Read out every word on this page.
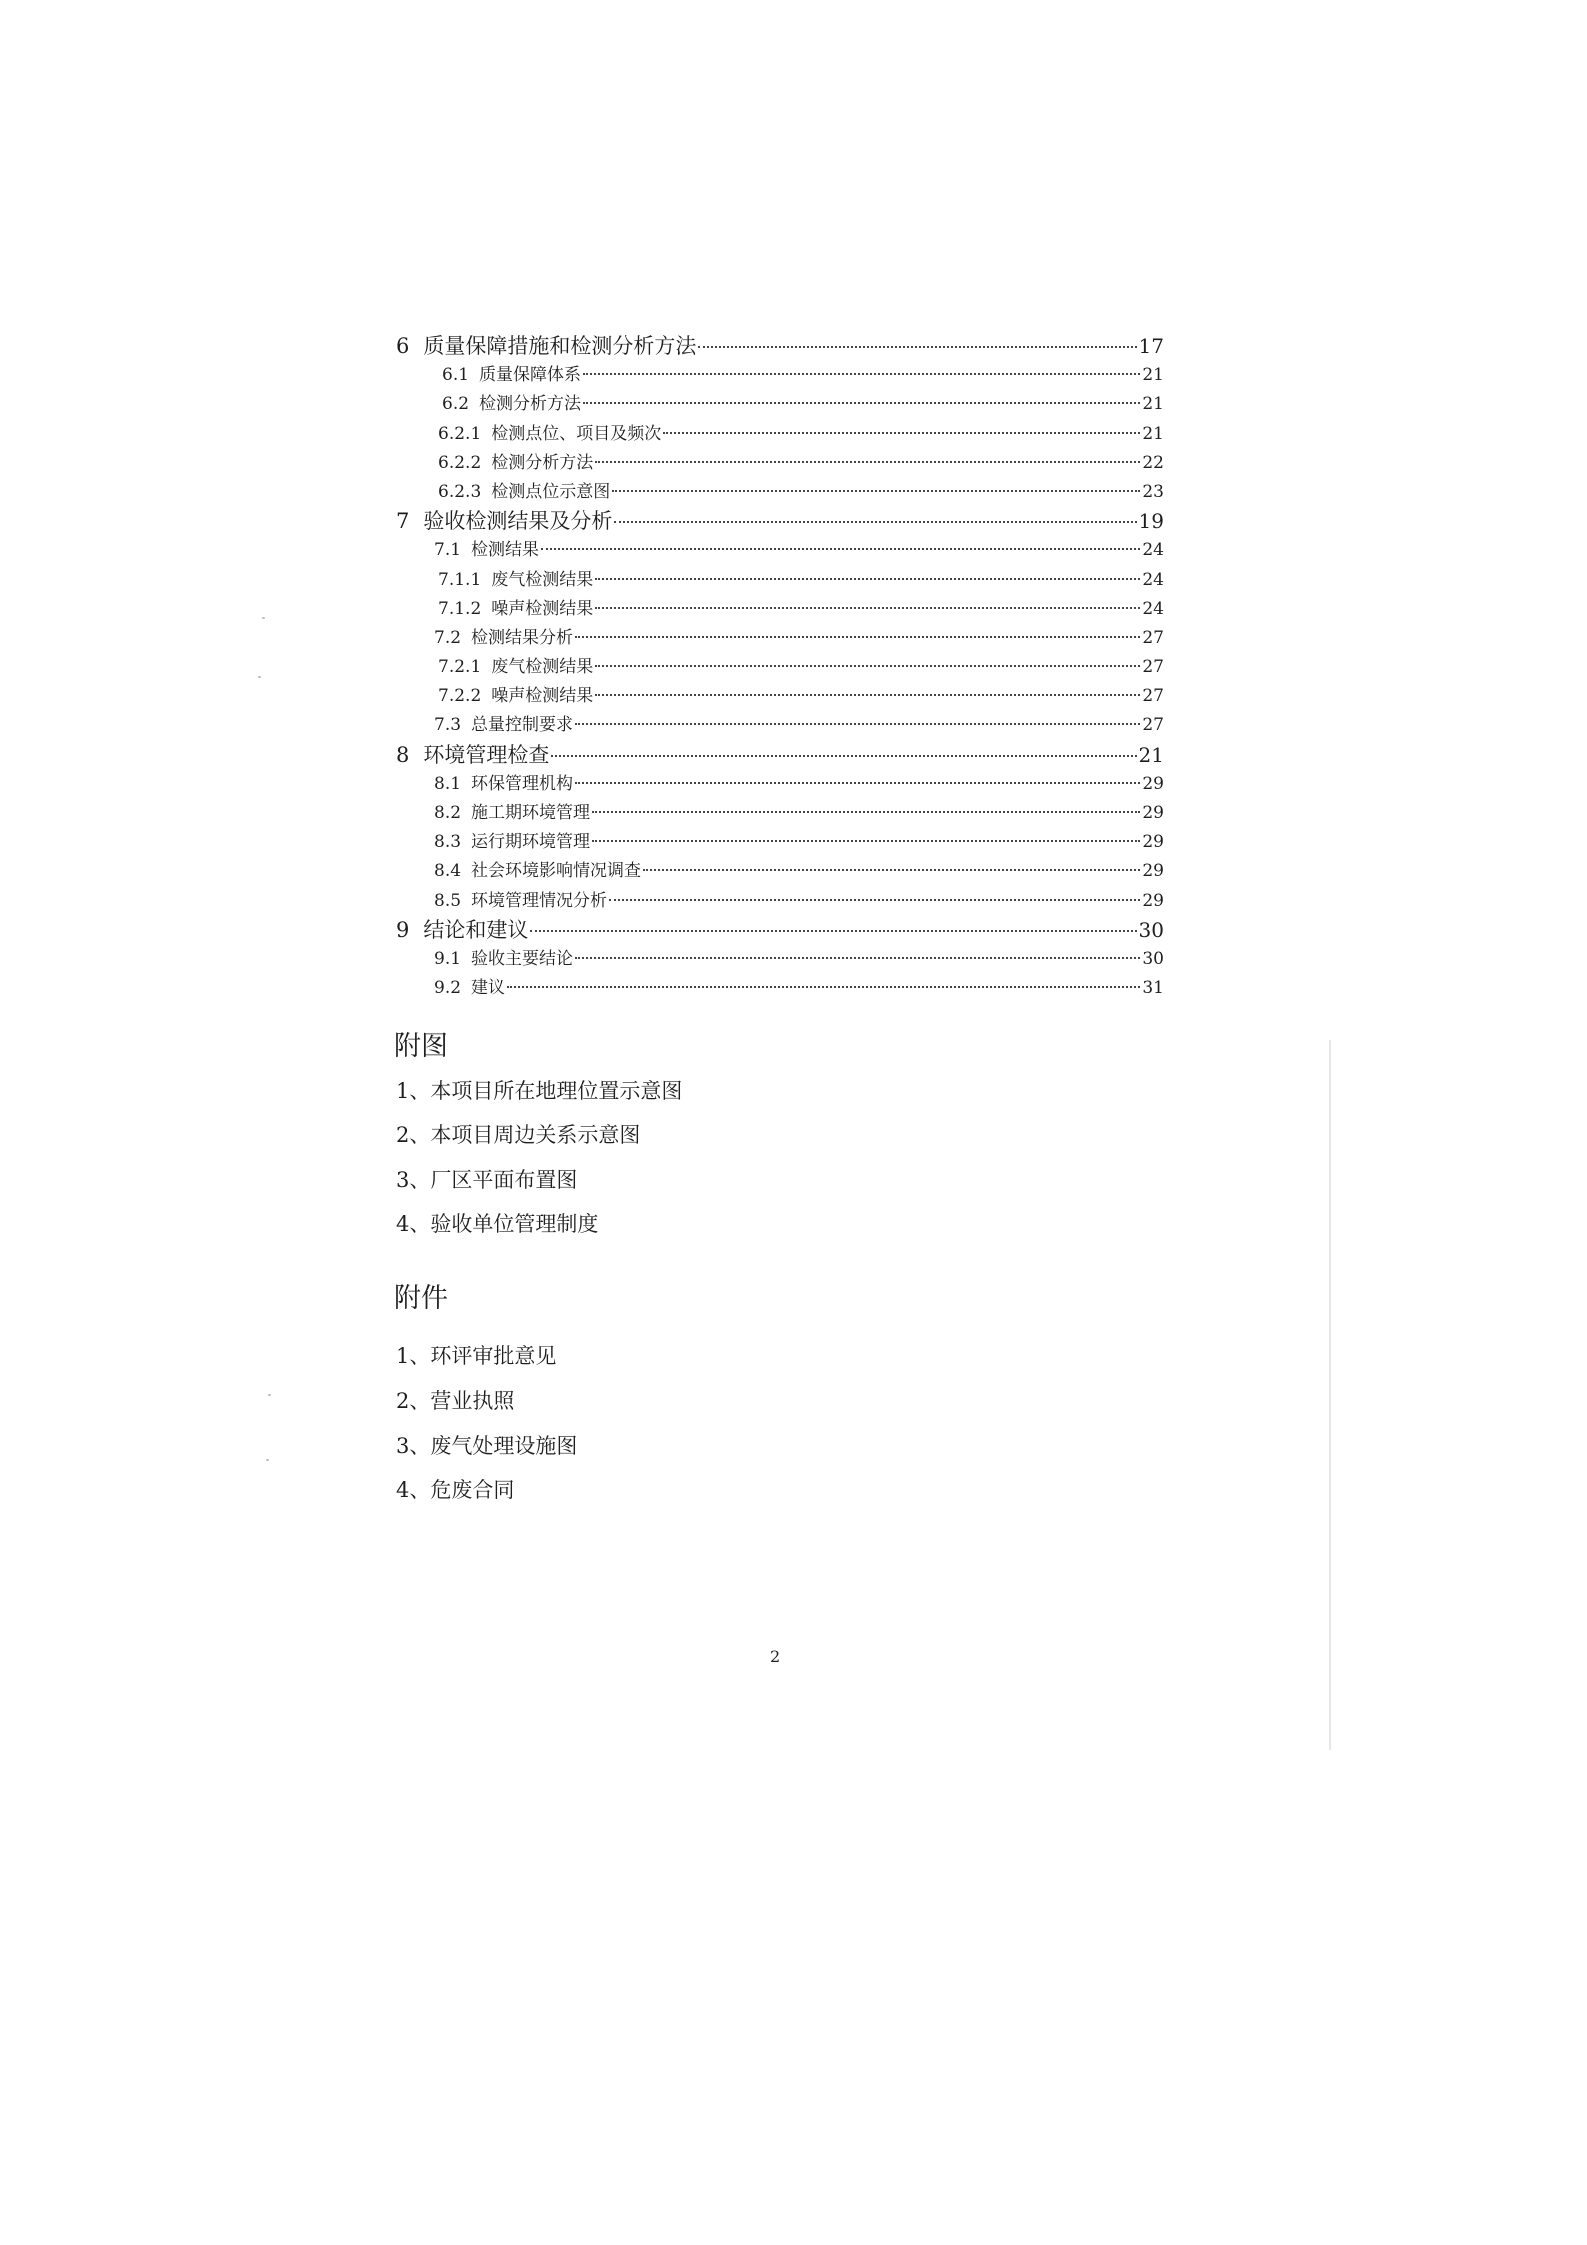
6 质量保障措施和检测分析方法	17
6.1 质量保障体系	21
6.2 检测分析方法	21
6.2.1 检测点位、项目及频次	21
6.2.2 检测分析方法	22
6.2.3 检测点位示意图	23
7 验收检测结果及分析	19
7.1 检测结果	24
7.1.1 废气检测结果	24
7.1.2 噪声检测结果	24
7.2 检测结果分析	27
7.2.1 废气检测结果	27
7.2.2 噪声检测结果	27
7.3 总量控制要求	27
8 环境管理检查	21
8.1 环保管理机构	29
8.2 施工期环境管理	29
8.3 运行期环境管理	29
8.4 社会环境影响情况调查	29
8.5 环境管理情况分析	29
9 结论和建议	30
9.1 验收主要结论	30
9.2 建议	31
附图
1、本项目所在地理位置示意图
2、本项目周边关系示意图
3、厂区平面布置图
4、验收单位管理制度
附件
1、环评审批意见
2、营业执照
3、废气处理设施图
4、危废合同
2
